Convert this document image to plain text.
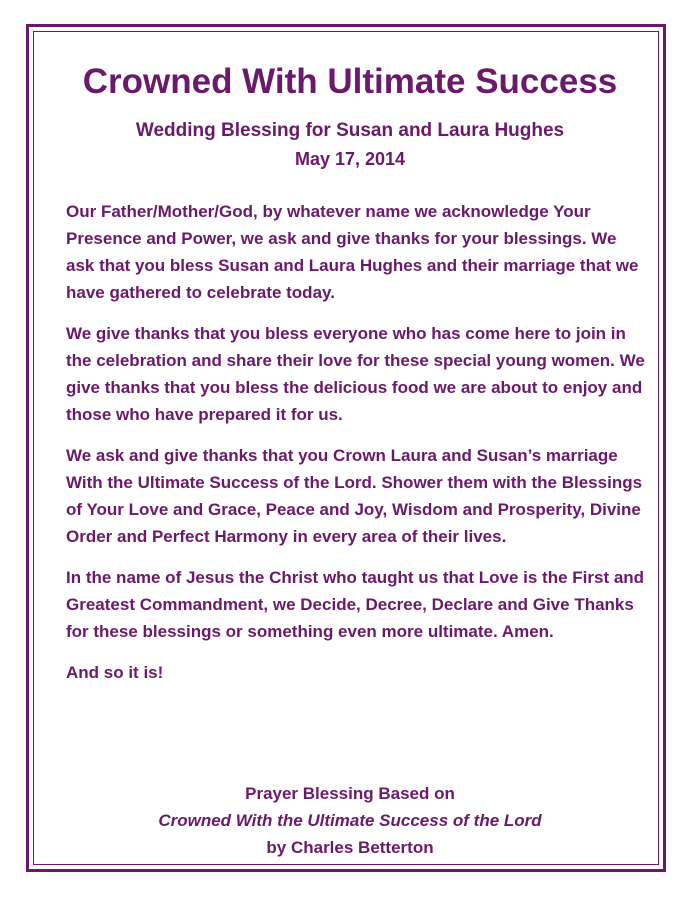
Crowned With Ultimate Success
Wedding Blessing for Susan and Laura Hughes
May 17, 2014

Our Father/Mother/God, by whatever name we acknowledge Your Presence and Power, we ask and give thanks for your blessings. We ask that you bless Susan and Laura Hughes and their marriage that we have gathered to celebrate today.

We give thanks that you bless everyone who has come here to join in the celebration and share their love for these special young women. We give thanks that you bless the delicious food we are about to enjoy and those who have prepared it for us.

We ask and give thanks that you Crown Laura and Susan’s marriage With the Ultimate Success of the Lord. Shower them with the Blessings of Your Love and Grace, Peace and Joy, Wisdom and Prosperity, Divine Order and Perfect Harmony in every area of their lives.

In the name of Jesus the Christ who taught us that Love is the First and Greatest Commandment, we Decide, Decree, Declare and Give Thanks for these blessings or something even more ultimate. Amen.

And so it is!

Prayer Blessing Based on
Crowned With the Ultimate Success of the Lord
by Charles Betterton
